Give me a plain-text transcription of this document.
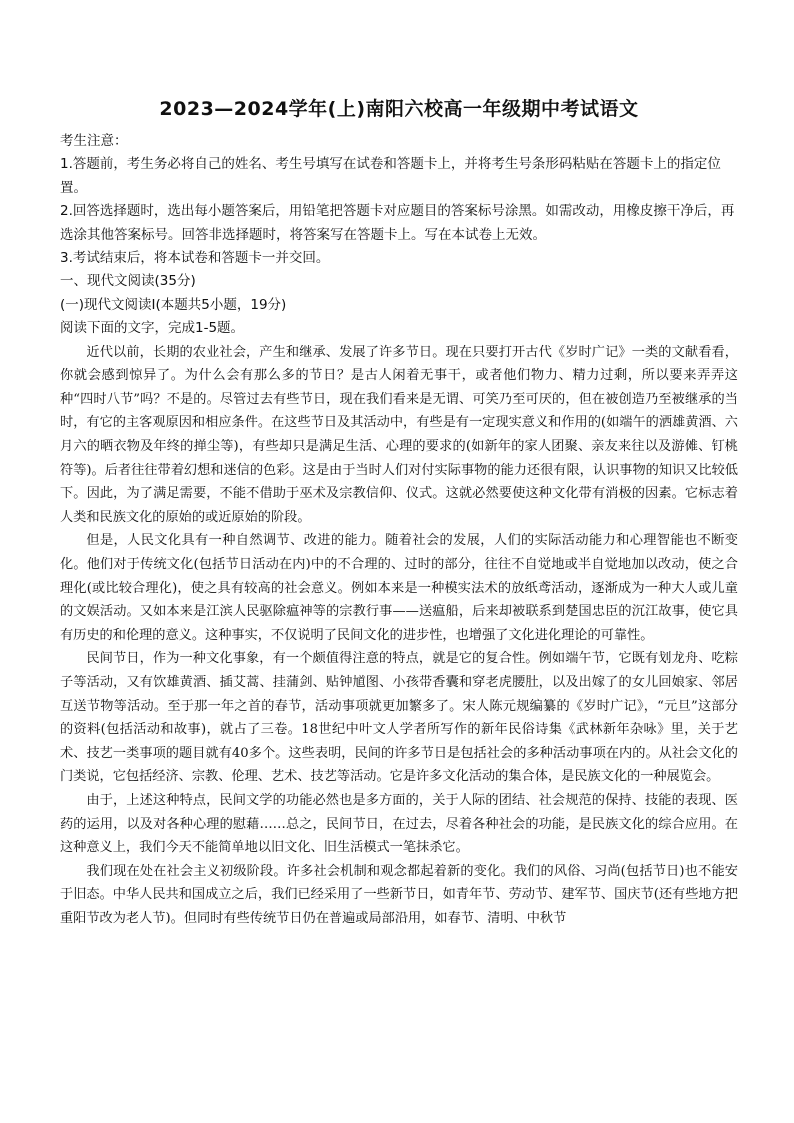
2023—2024学年(上)南阳六校高一年级期中考试语文

考生注意：

1.答题前，考生务必将自己的姓名、考生号填写在试卷和答题卡上，并将考生号条形码粘贴在答题卡上的指定位置。

2.回答选择题时，选出每小题答案后，用铅笔把答题卡对应题目的答案标号涂黑。如需改动，用橡皮擦干净后，再选涂其他答案标号。回答非选择题时，将答案写在答题卡上。写在本试卷上无效。

3.考试结束后，将本试卷和答题卡一并交回。

一、现代文阅读(35分)

(一)现代文阅读Ⅰ(本题共5小题，19分)

阅读下面的文字，完成1-5题。

近代以前，长期的农业社会，产生和继承、发展了许多节日。现在只要打开古代《岁时广记》一类的文献看看，你就会感到惊异了。为什么会有那么多的节日？是古人闲着无事干，或者他们物力、精力过剩，所以要来弄弄这种“四时八节”吗？不是的。尽管过去有些节日，现在我们看来是无谓、可笑乃至可厌的，但在被创造乃至被继承的当时，有它的主客观原因和相应条件。在这些节日及其活动中，有些是有一定现实意义和作用的(如端午的洒雄黄酒、六月六的晒衣物及年终的掸尘等)，有些却只是满足生活、心理的要求的(如新年的家人团聚、亲友来往以及游傩、钉桃符等)。后者往往带着幻想和迷信的色彩。这是由于当时人们对付实际事物的能力还很有限，认识事物的知识又比较低下。因此，为了满足需要，不能不借助于巫术及宗教信仰、仪式。这就必然要使这种文化带有消极的因素。它标志着人类和民族文化的原始的或近原始的阶段。

但是，人民文化具有一种自然调节、改进的能力。随着社会的发展，人们的实际活动能力和心理智能也不断变化。他们对于传统文化(包括节日活动在内)中的不合理的、过时的部分，往往不自觉地或半自觉地加以改动，使之合理化(或比较合理化)，使之具有较高的社会意义。例如本来是一种模实法术的放纸鸢活动，逐渐成为一种大人或儿童的文娱活动。又如本来是江滨人民驱除瘟神等的宗教行事——送瘟船，后来却被联系到楚国忠臣的沉江故事，使它具有历史的和伦理的意义。这种事实，不仅说明了民间文化的进步性，也增强了文化进化理论的可靠性。

民间节日，作为一种文化事象，有一个颇值得注意的特点，就是它的复合性。例如端午节，它既有划龙舟、吃粽子等活动，又有饮雄黄酒、插艾蒿、挂蒲剑、贴钟馗图、小孩带香囊和穿老虎腰肚，以及出嫁了的女儿回娘家、邻居互送节物等活动。至于那一年之首的春节，活动事项就更加繁多了。宋人陈元规编纂的《岁时广记》，“元旦”这部分的资料(包括活动和故事)，就占了三卷。18世纪中叶文人学者所写作的新年民俗诗集《武林新年杂咏》里，关于艺术、技艺一类事项的题目就有40多个。这些表明，民间的许多节日是包括社会的多种活动事项在内的。从社会文化的门类说，它包括经济、宗教、伦理、艺术、技艺等活动。它是许多文化活动的集合体，是民族文化的一种展览会。

由于，上述这种特点，民间文学的功能必然也是多方面的，关于人际的团结、社会规范的保持、技能的表现、医药的运用，以及对各种心理的慰藉……总之，民间节日，在过去，尽着各种社会的功能，是民族文化的综合应用。在这种意义上，我们今天不能简单地以旧文化、旧生活模式一笔抹杀它。

我们现在处在社会主义初级阶段。许多社会机制和观念都起着新的变化。我们的风俗、习尚(包括节日)也不能安于旧态。中华人民共和国成立之后，我们已经采用了一些新节日，如青年节、劳动节、建军节、国庆节(还有些地方把重阳节改为老人节)。但同时有些传统节日仍在普遍或局部沿用，如春节、清明、中秋节
